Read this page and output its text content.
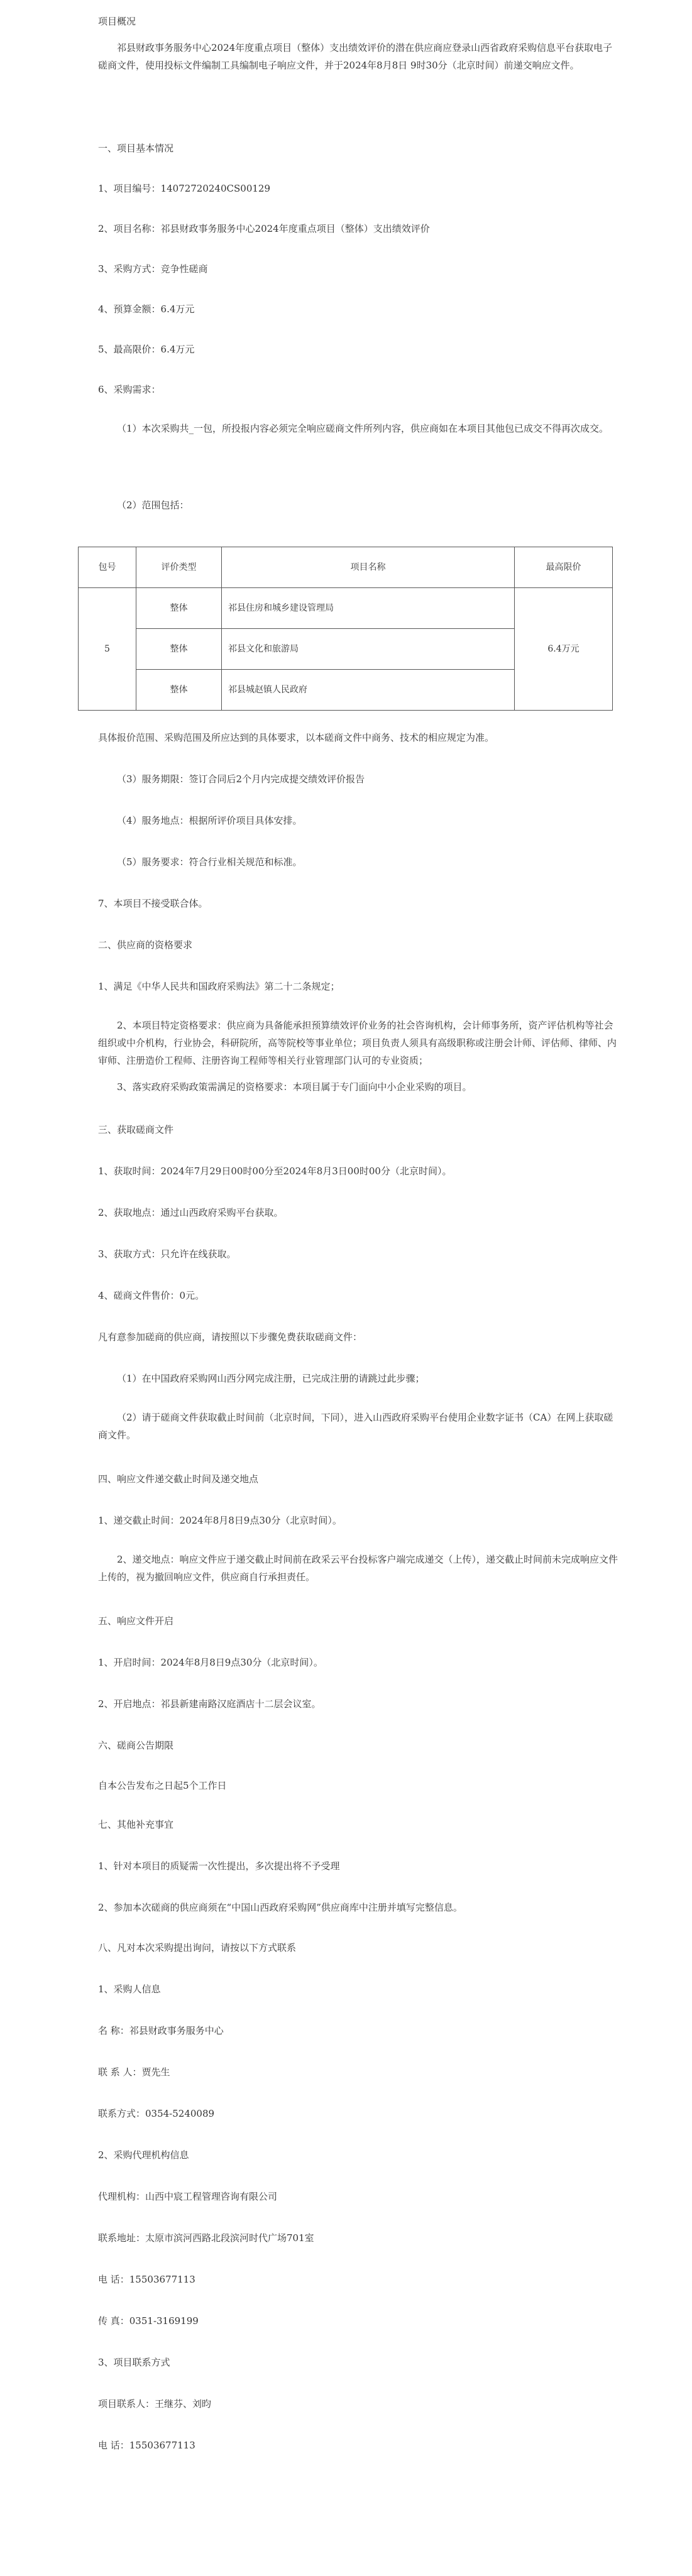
项目概况

祁县财政事务服务中心2024年度重点项目（整体）支出绩效评价的潜在供应商应登录山西省政府采购信息平台获取电子磋商文件，使用投标文件编制工具编制电子响应文件，并于2024年8月8日 9时30分（北京时间）前递交响应文件。

一、项目基本情况

1、项目编号：14072720240CS00129

2、项目名称：祁县财政事务服务中心2024年度重点项目（整体）支出绩效评价

3、采购方式：竞争性磋商

4、预算金额：6.4万元

5、最高限价：6.4万元

6、采购需求：

（1）本次采购共_一包，所投报内容必须完全响应磋商文件所列内容，供应商如在本项目其他包已成交不得再次成交。

（2）范围包括：

包号	评价类型	项目名称	最高限价
5	整体	祁县住房和城乡建设管理局	6.4万元
	整体	祁县文化和旅游局	
	整体	祁县城赵镇人民政府	

具体报价范围、采购范围及所应达到的具体要求，以本磋商文件中商务、技术的相应规定为准。

（3）服务期限：签订合同后2个月内完成提交绩效评价报告

（4）服务地点：根据所评价项目具体安排。

（5）服务要求：符合行业相关规范和标准。

7、本项目不接受联合体。

二、供应商的资格要求

1、满足《中华人民共和国政府采购法》第二十二条规定；

2、本项目特定资格要求：供应商为具备能承担预算绩效评价业务的社会咨询机构，会计师事务所，资产评估机构等社会组织或中介机构，行业协会，科研院所，高等院校等事业单位；项目负责人须具有高级职称或注册会计师、评估师、律师、内审师、注册造价工程师、注册咨询工程师等相关行业管理部门认可的专业资质；

3、落实政府采购政策需满足的资格要求：本项目属于专门面向中小企业采购的项目。

三、获取磋商文件

1、获取时间：2024年7月29日00时00分至2024年8月3日00时00分（北京时间）。

2、获取地点：通过山西政府采购平台获取。

3、获取方式：只允许在线获取。

4、磋商文件售价：0元。

凡有意参加磋商的供应商，请按照以下步骤免费获取磋商文件：

（1）在中国政府采购网山西分网完成注册，已完成注册的请跳过此步骤；

（2）请于磋商文件获取截止时间前（北京时间，下同），进入山西政府采购平台使用企业数字证书（CA）在网上获取磋商文件。

四、响应文件递交截止时间及递交地点

1、递交截止时间：2024年8月8日9点30分（北京时间）。

2、递交地点：响应文件应于递交截止时间前在政采云平台投标客户端完成递交（上传），递交截止时间前未完成响应文件上传的，视为撤回响应文件，供应商自行承担责任。

五、响应文件开启

1、开启时间：2024年8月8日9点30分（北京时间）。

2、开启地点：祁县新建南路汉庭酒店十二层会议室。

六、磋商公告期限

自本公告发布之日起5个工作日

七、其他补充事宜

1、针对本项目的质疑需一次性提出，多次提出将不予受理

2、参加本次磋商的供应商须在“中国山西政府采购网”供应商库中注册并填写完整信息。

八、凡对本次采购提出询问，请按以下方式联系

1、采购人信息

名 称：祁县财政事务服务中心

联 系 人：贾先生

联系方式：0354-5240089

2、采购代理机构信息

代理机构：山西中宸工程管理咨询有限公司

联系地址：太原市滨河西路北段滨河时代广场701室

电 话：15503677113

传 真：0351-3169199

3、项目联系方式

项目联系人：王继芬、刘昀

电 话：15503677113
